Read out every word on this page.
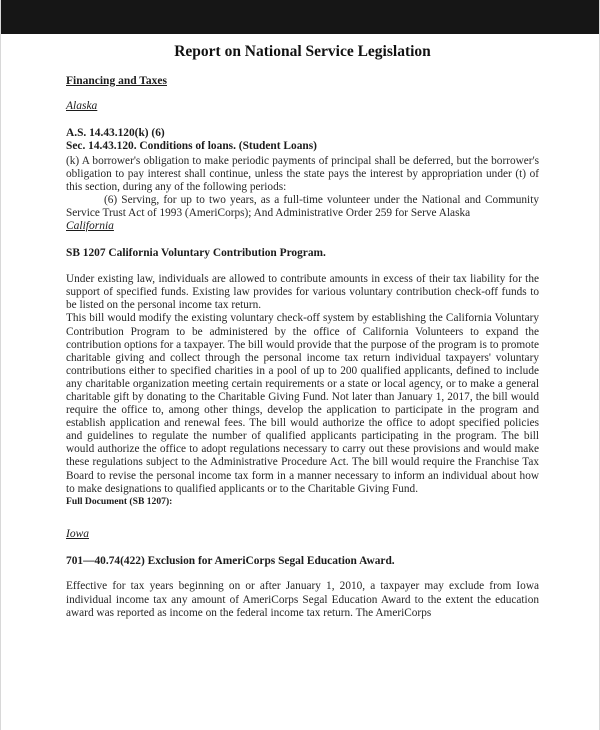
Report on National Service Legislation
Financing and Taxes
Alaska
A.S. 14.43.120(k) (6)
Sec. 14.43.120. Conditions of loans. (Student Loans)

(k) A borrower's obligation to make periodic payments of principal shall be deferred, but the borrower's obligation to pay interest shall continue, unless the state pays the interest by appropriation under (t) of this section, during any of the following periods:

(6) Serving, for up to two years, as a full-time volunteer under the National and Community Service Trust Act of 1993 (AmeriCorps); And Administrative Order 259 for Serve Alaska

California
SB 1207 California Voluntary Contribution Program.

Under existing law, individuals are allowed to contribute amounts in excess of their tax liability for the support of specified funds. Existing law provides for various voluntary contribution check-off funds to be listed on the personal income tax return.

This bill would modify the existing voluntary check-off system by establishing the California Voluntary Contribution Program to be administered by the office of California Volunteers to expand the contribution options for a taxpayer. The bill would provide that the purpose of the program is to promote charitable giving and collect through the personal income tax return individual taxpayers' voluntary contributions either to specified charities in a pool of up to 200 qualified applicants, defined to include any charitable organization meeting certain requirements or a state or local agency, or to make a general charitable gift by donating to the Charitable Giving Fund. Not later than January 1, 2017, the bill would require the office to, among other things, develop the application to participate in the program and establish application and renewal fees. The bill would authorize the office to adopt specified policies and guidelines to regulate the number of qualified applicants participating in the program. The bill would authorize the office to adopt regulations necessary to carry out these provisions and would make these regulations subject to the Administrative Procedure Act. The bill would require the Franchise Tax Board to revise the personal income tax form in a manner necessary to inform an individual about how to make designations to qualified applicants or to the Charitable Giving Fund.

Full Document (SB 1207):
Iowa
701—40.74(422) Exclusion for AmeriCorps Segal Education Award.

Effective for tax years beginning on or after January 1, 2010, a taxpayer may exclude from Iowa individual income tax any amount of AmeriCorps Segal Education Award to the extent the education award was reported as income on the federal income tax return. The AmeriCorps
